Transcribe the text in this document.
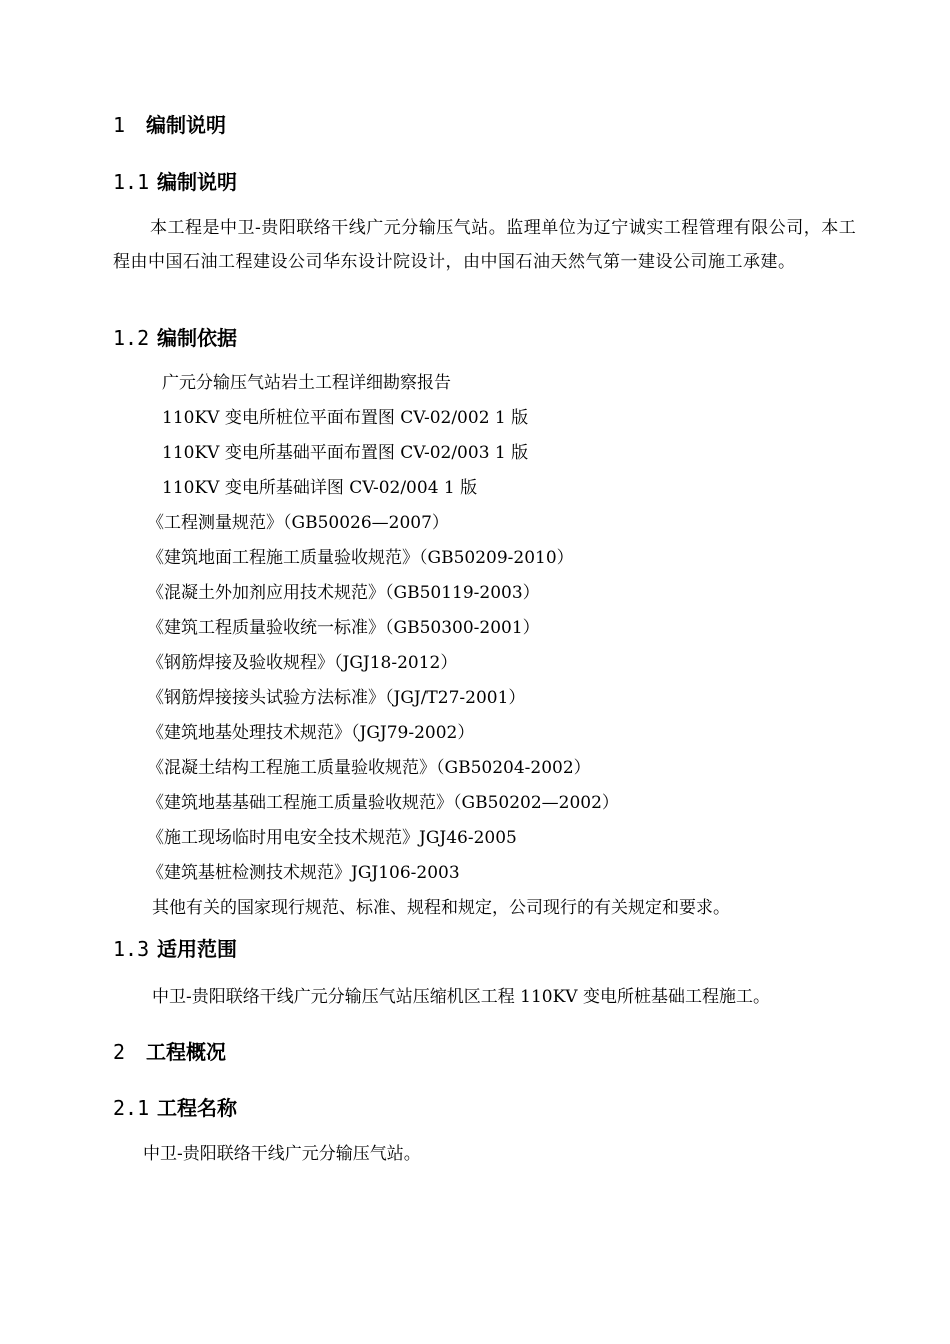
1 编制说明
1.1 编制说明

本工程是中卫-贵阳联络干线广元分输压气站。监理单位为辽宁诚实工程管理有限公司，本工程由中国石油工程建设公司华东设计院设计，由中国石油天然气第一建设公司施工承建。

1.2 编制依据

广元分输压气站岩土工程详细勘察报告

110KV 变电所桩位平面布置图 CV-02/002 1 版

110KV 变电所基础平面布置图 CV-02/003 1 版

110KV 变电所基础详图 CV-02/004 1 版

《工程测量规范》（GB50026—2007）

《建筑地面工程施工质量验收规范》（GB50209-2010）

《混凝土外加剂应用技术规范》（GB50119-2003）

《建筑工程质量验收统一标准》（GB50300-2001）

《钢筋焊接及验收规程》（JGJ18-2012）

《钢筋焊接接头试验方法标准》（JGJ/T27-2001）

《建筑地基处理技术规范》（JGJ79-2002）

《混凝土结构工程施工质量验收规范》（GB50204-2002）

《建筑地基基础工程施工质量验收规范》（GB50202—2002）

《施工现场临时用电安全技术规范》JGJ46-2005

《建筑基桩检测技术规范》JGJ106-2003

其他有关的国家现行规范、标准、规程和规定，公司现行的有关规定和要求。

1.3 适用范围

中卫-贵阳联络干线广元分输压气站压缩机区工程 110KV 变电所桩基础工程施工。

2 工程概况
2.1 工程名称

中卫-贵阳联络干线广元分输压气站。
